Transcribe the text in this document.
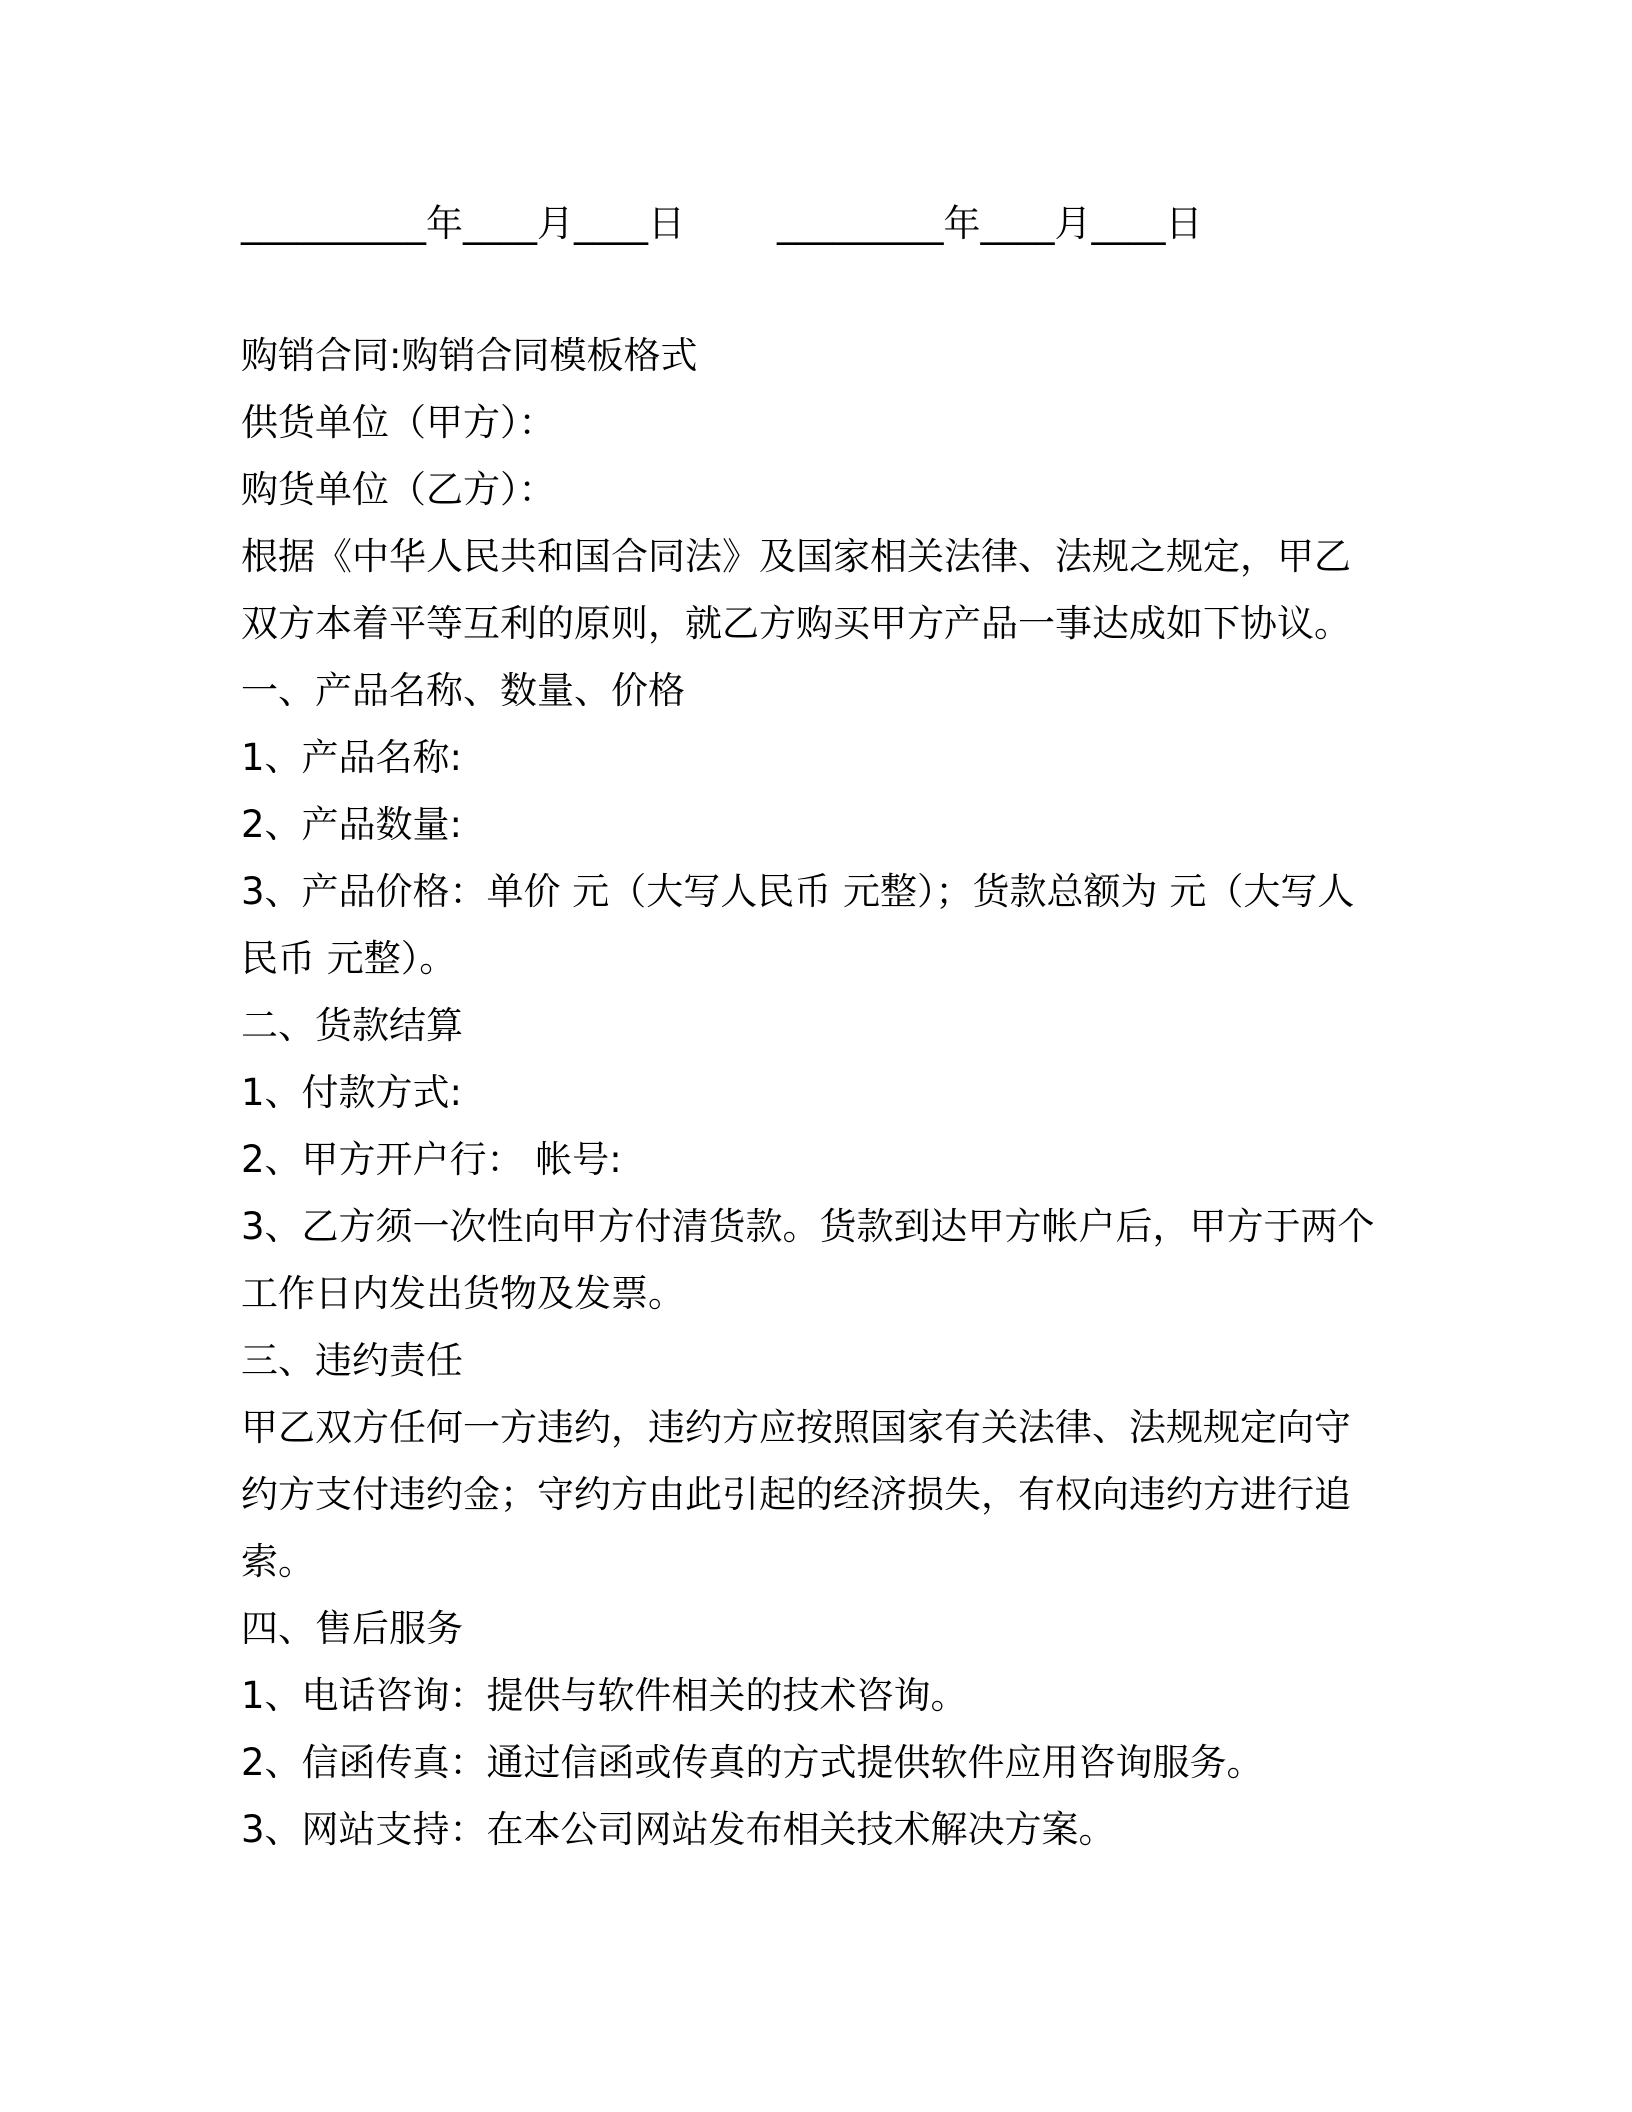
__________年____月____日 _________年____月____日
购销合同:购销合同模板格式
供货单位（甲方）：
购货单位（乙方）：
根据《中华人民共和国合同法》及国家相关法律、法规之规定，甲乙
双方本着平等互利的原则，就乙方购买甲方产品一事达成如下协议。
一、产品名称、数量、价格
1、产品名称:
2、产品数量:
3、产品价格：单价 元（大写人民币 元整）；货款总额为 元（大写人
民币 元整）。
二、货款结算
1、付款方式:
2、甲方开户行： 帐号:
3、乙方须一次性向甲方付清货款。货款到达甲方帐户后，甲方于两个
工作日内发出货物及发票。
三、违约责任
甲乙双方任何一方违约，违约方应按照国家有关法律、法规规定向守
约方支付违约金；守约方由此引起的经济损失，有权向违约方进行追
索。
四、售后服务
1、电话咨询：提供与软件相关的技术咨询。
2、信函传真：通过信函或传真的方式提供软件应用咨询服务。
3、网站支持：在本公司网站发布相关技术解决方案。
